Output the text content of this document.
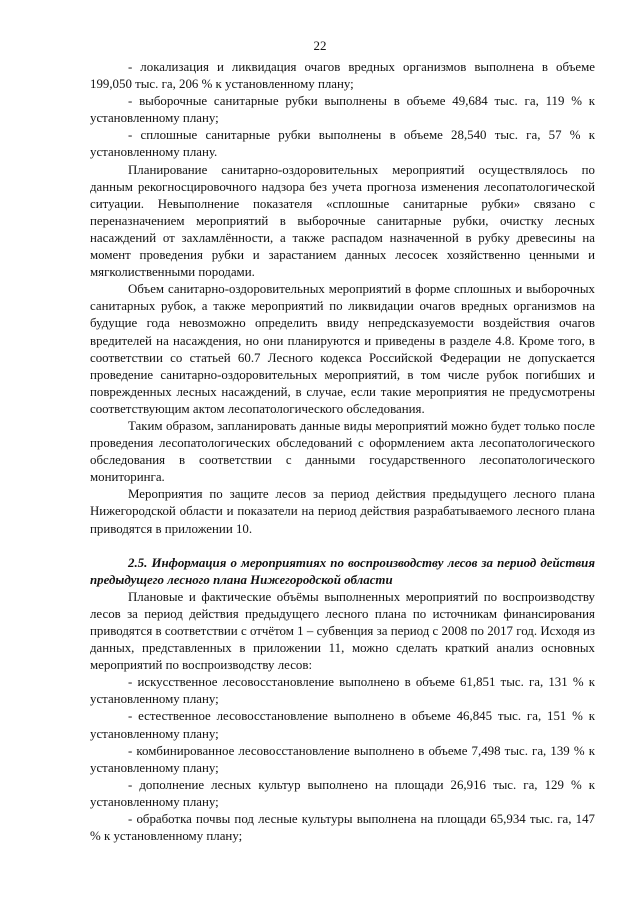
22

- локализация и ликвидация очагов вредных организмов выполнена в объеме 199,050 тыс. га, 206 % к установленному плану;

- выборочные санитарные рубки выполнены в объеме 49,684 тыс. га, 119 % к установленному плану;

- сплошные санитарные рубки выполнены в объеме 28,540 тыс. га, 57 % к установленному плану.

Планирование санитарно-оздоровительных мероприятий осуществлялось по данным рекогносцировочного надзора без учета прогноза изменения лесопатологической ситуации. Невыполнение показателя «сплошные санитарные рубки» связано с переназначением мероприятий в выборочные санитарные рубки, очистку лесных насаждений от захламлённости, а также распадом назначенной в рубку древесины на момент проведения рубки и зарастанием данных лесосек хозяйственно ценными и мягколиственными породами.

Объем санитарно-оздоровительных мероприятий в форме сплошных и выборочных санитарных рубок, а также мероприятий по ликвидации очагов вредных организмов на будущие года невозможно определить ввиду непредсказуемости воздействия очагов вредителей на насаждения, но они планируются и приведены в разделе 4.8. Кроме того, в соответствии со статьей 60.7 Лесного кодекса Российской Федерации не допускается проведение санитарно-оздоровительных мероприятий, в том числе рубок погибших и поврежденных лесных насаждений, в случае, если такие мероприятия не предусмотрены соответствующим актом лесопатологического обследования.

Таким образом, запланировать данные виды мероприятий можно будет только после проведения лесопатологических обследований с оформлением акта лесопатологического обследования в соответствии с данными государственного лесопатологического мониторинга.

Мероприятия по защите лесов за период действия предыдущего лесного плана Нижегородской области и показатели на период действия разрабатываемого лесного плана приводятся в приложении 10.

2.5. Информация о мероприятиях по воспроизводству лесов за период действия предыдущего лесного плана Нижегородской области

Плановые и фактические объёмы выполненных мероприятий по воспроизводству лесов за период действия предыдущего лесного плана по источникам финансирования приводятся в соответствии с отчётом 1 – субвенция за период с 2008 по 2017 год. Исходя из данных, представленных в приложении 11, можно сделать краткий анализ основных мероприятий по воспроизводству лесов:

- искусственное лесовосстановление выполнено в объеме 61,851 тыс. га, 131 % к установленному плану;

- естественное лесовосстановление выполнено в объеме 46,845 тыс. га, 151 % к установленному плану;

- комбинированное лесовосстановление выполнено в объеме 7,498 тыс. га, 139 % к установленному плану;

- дополнение лесных культур выполнено на площади 26,916 тыс. га, 129 % к установленному плану;

- обработка почвы под лесные культуры выполнена на площади 65,934 тыс. га, 147 % к установленному плану;
